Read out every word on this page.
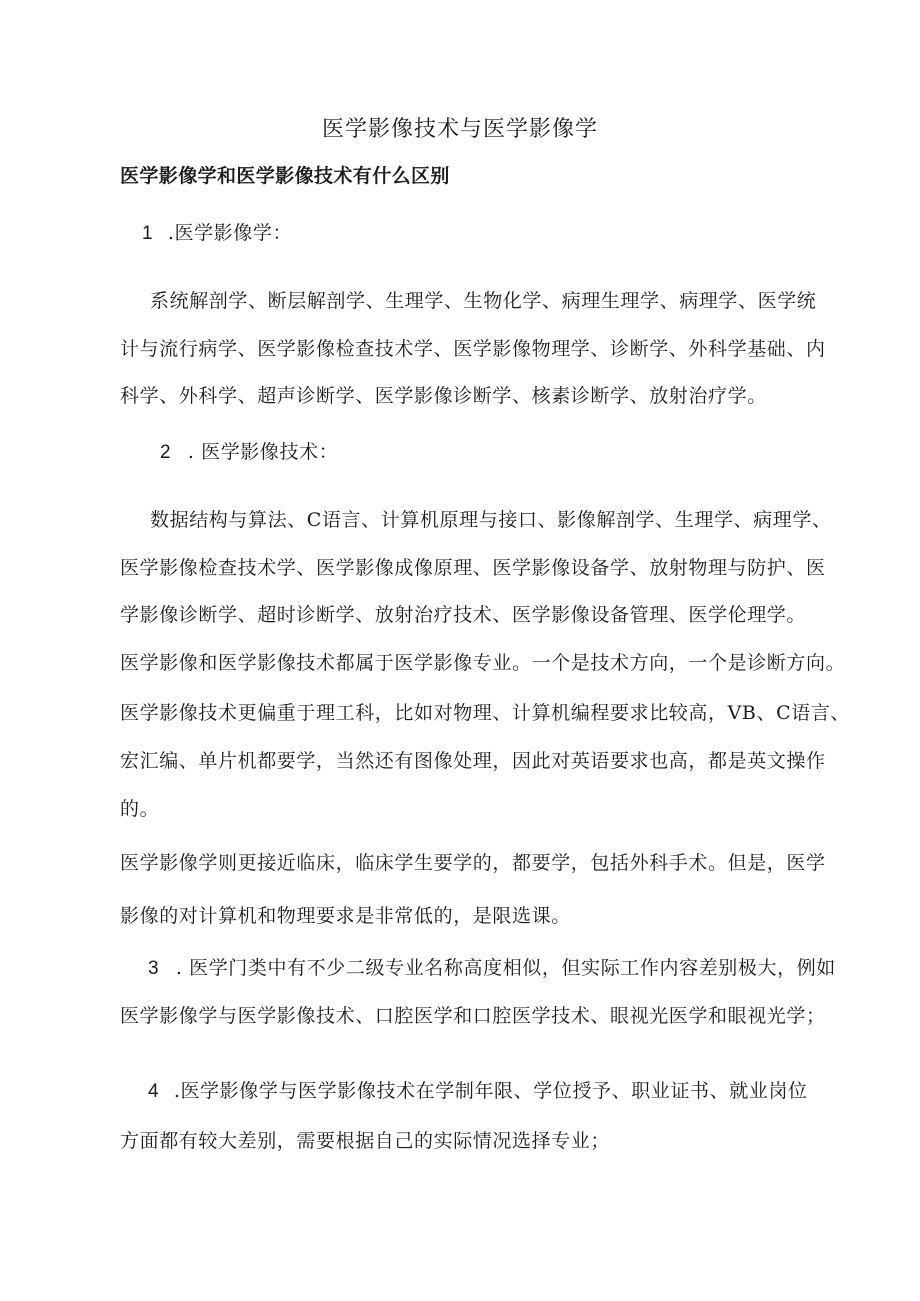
医学影像技术与医学影像学
医学影像学和医学影像技术有什么区别
1 .医学影像学：
系统解剖学、断层解剖学、生理学、生物化学、病理生理学、病理学、医学统
计与流行病学、医学影像检查技术学、医学影像物理学、诊断学、外科学基础、内
科学、外科学、超声诊断学、医学影像诊断学、核素诊断学、放射治疗学。
2 . 医学影像技术：
数据结构与算法、C语言、计算机原理与接口、影像解剖学、生理学、病理学、
医学影像检查技术学、医学影像成像原理、医学影像设备学、放射物理与防护、医
学影像诊断学、超时诊断学、放射治疗技术、医学影像设备管理、医学伦理学。
医学影像和医学影像技术都属于医学影像专业。一个是技术方向，一个是诊断方向。
医学影像技术更偏重于理工科，比如对物理、计算机编程要求比较高，VB、C语言、
宏汇编、单片机都要学，当然还有图像处理，因此对英语要求也高，都是英文操作
的。
医学影像学则更接近临床，临床学生要学的，都要学，包括外科手术。但是，医学
影像的对计算机和物理要求是非常低的，是限选课。
3 . 医学门类中有不少二级专业名称高度相似，但实际工作内容差别极大，例如
医学影像学与医学影像技术、口腔医学和口腔医学技术、眼视光医学和眼视光学；
4 .医学影像学与医学影像技术在学制年限、学位授予、职业证书、就业岗位
方面都有较大差别，需要根据自己的实际情况选择专业；
